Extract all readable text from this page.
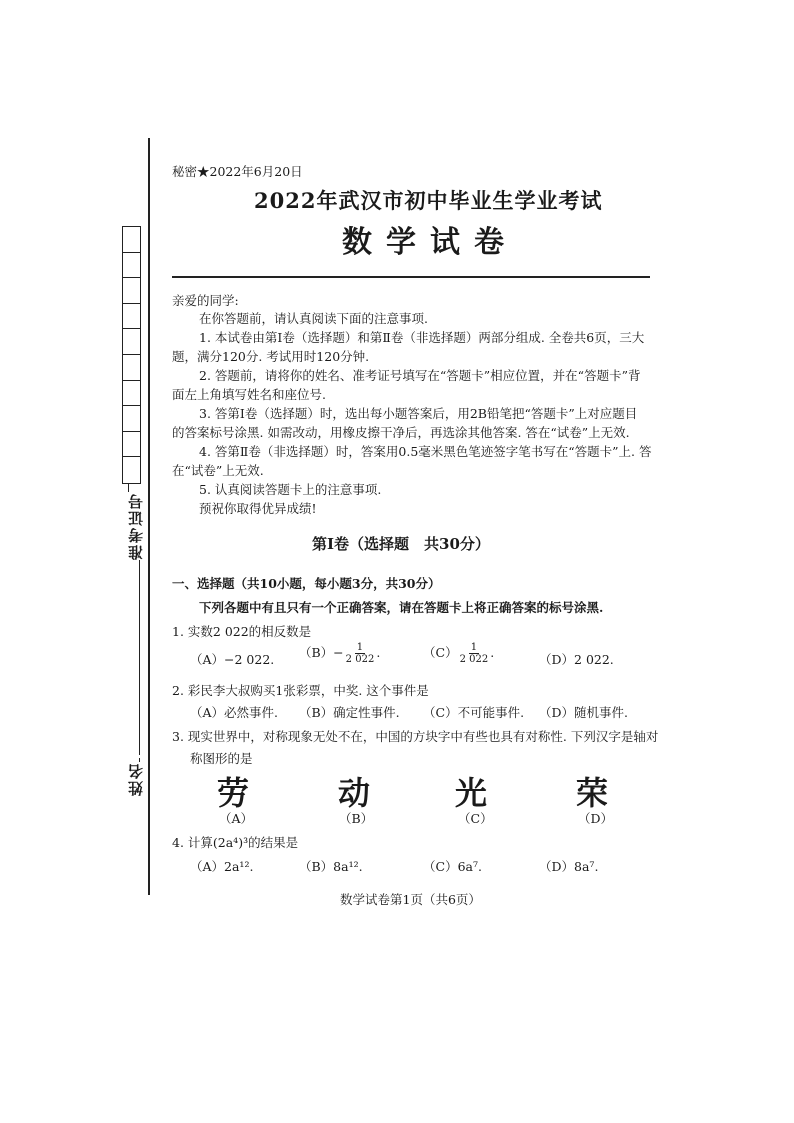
准考证号
姓名
秘密★2022年6月20日
2022年武汉市初中毕业生学业考试
数学试卷
亲爱的同学:
在你答题前，请认真阅读下面的注意事项.
1. 本试卷由第Ⅰ卷（选择题）和第Ⅱ卷（非选择题）两部分组成. 全卷共6页，三大
题，满分120分. 考试用时120分钟.
2. 答题前，请将你的姓名、准考证号填写在“答题卡”相应位置，并在“答题卡”背
面左上角填写姓名和座位号.
3. 答第Ⅰ卷（选择题）时，选出每小题答案后，用2B铅笔把“答题卡”上对应题目
的答案标号涂黑. 如需改动，用橡皮擦干净后，再选涂其他答案. 答在“试卷”上无效.
4. 答第Ⅱ卷（非选择题）时，答案用0.5毫米黑色笔迹签字笔书写在“答题卡”上. 答
在“试卷”上无效.
5. 认真阅读答题卡上的注意事项.
预祝你取得优异成绩!
第Ⅰ卷（选择题　共30分）
一、选择题（共10小题，每小题3分，共30分）
下列各题中有且只有一个正确答案，请在答题卡上将正确答案的标号涂黑.
1. 实数2 022的相反数是
（A）−2 022. $(B)- \frac{1}{2 022}$ .	$(C) \frac{1}{2 022}$ .	（D）2 022.
2. 彩民李大叔购买1张彩票，中奖. 这个事件是
（A）必然事件. （B）确定性事件. （C）不可能事件. （D）随机事件.
3. 现实世界中，对称现象无处不在，中国的方块字中有些也具有对称性. 下列汉字是轴对
称图形的是
劳	动	光	荣
（A）	（B）	（C）	（D）
4. 计算(2a⁴)³的结果是
（A）2a¹².	（B）8a¹².	（C）6a⁷.	（D）8a⁷.
数学试卷第1页（共6页）
